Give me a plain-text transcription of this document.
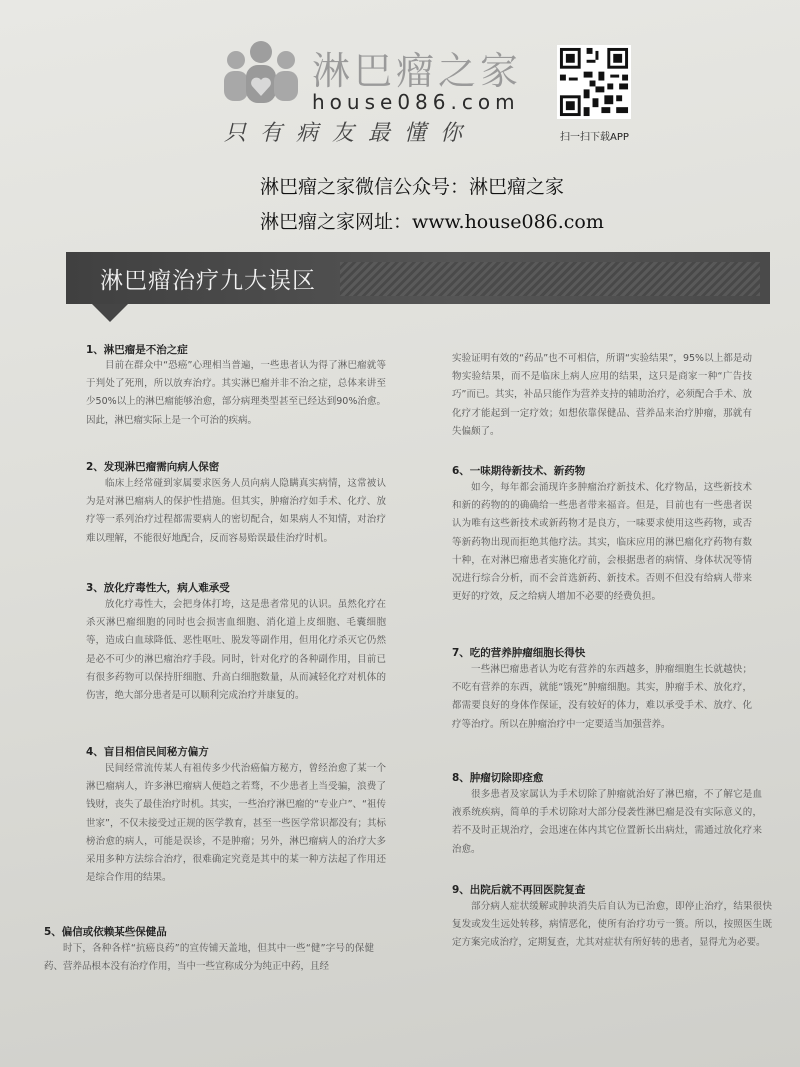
淋巴瘤之家
house086.com
只有病友最懂你	扫一扫下载APP
淋巴瘤之家微信公众号：淋巴瘤之家
淋巴瘤之家网址：www.house086.com
淋巴瘤治疗九大误区
1、淋巴瘤是不治之症
目前在群众中“恐癌”心理相当普遍，一些患者认为得了淋巴瘤就等于判处了死刑，所以放弃治疗。其实淋巴瘤并非不治之症，总体来讲至少50%以上的淋巴瘤能够治愈，部分病理类型甚至已经达到90%治愈。因此，淋巴瘤实际上是一个可治的疾病。
2、发现淋巴瘤需向病人保密
临床上经常碰到家属要求医务人员向病人隐瞒真实病情，这常被认为是对淋巴瘤病人的保护性措施。但其实，肿瘤治疗如手术、化疗、放疗等一系列治疗过程都需要病人的密切配合，如果病人不知情，对治疗难以理解，不能很好地配合，反而容易贻误最佳治疗时机。
3、放化疗毒性大，病人难承受
放化疗毒性大，会把身体打垮，这是患者常见的认识。虽然化疗在杀灭淋巴瘤细胞的同时也会损害血细胞、消化道上皮细胞、毛囊细胞等，造成白血球降低、恶性呕吐、脱发等副作用，但用化疗杀灭它仍然是必不可少的淋巴瘤治疗手段。同时，针对化疗的各种副作用，目前已有很多药物可以保持肝细胞、升高白细胞数量，从而减轻化疗对机体的伤害，绝大部分患者是可以顺利完成治疗并康复的。
4、盲目相信民间秘方偏方
民间经常流传某人有祖传多少代治癌偏方秘方，曾经治愈了某一个淋巴瘤病人，许多淋巴瘤病人便趋之若骛，不少患者上当受骗，浪费了钱财，丧失了最佳治疗时机。其实，一些治疗淋巴瘤的“专业户”、“祖传世家”，不仅未接受过正规的医学教育，甚至一些医学常识都没有；其标榜治愈的病人，可能是误诊，不是肿瘤；另外，淋巴瘤病人的治疗大多采用多种方法综合治疗，很难确定究竟是其中的某一种方法起了作用还是综合作用的结果。
5、偏信或依赖某些保健品
时下，各种各样“抗癌良药”的宣传铺天盖地，但其中一些“健”字号的保健药、营养品根本没有治疗作用，当中一些宣称成分为纯正中药，且经
实验证明有效的“药品”也不可相信，所谓“实验结果”，95%以上都是动物实验结果，而不是临床上病人应用的结果，这只是商家一种“广告技巧”而已。其实，补品只能作为营养支持的辅助治疗，必须配合手术、放化疗才能起到一定疗效；如想依靠保健品、营养品来治疗肿瘤，那就有失偏颇了。
6、一味期待新技术、新药物
如今，每年都会涌现许多肿瘤治疗新技术、化疗物品，这些新技术和新的药物的的确确给一些患者带来福音。但是，目前也有一些患者误认为唯有这些新技术或新药物才是良方，一味要求使用这些药物，或否等新药物出现而拒绝其他疗法。其实，临床应用的淋巴瘤化疗药物有数十种，在对淋巴瘤患者实施化疗前，会根据患者的病情、身体状况等情况进行综合分析，而不会首选新药、新技术。否则不但没有给病人带来更好的疗效，反之给病人增加不必要的经费负担。
7、吃的营养肿瘤细胞长得快
一些淋巴瘤患者认为吃有营养的东西越多，肿瘤细胞生长就越快；不吃有营养的东西，就能“饿死”肿瘤细胞。其实，肿瘤手术、放化疗，都需要良好的身体作保证，没有较好的体力，难以承受手术、放疗、化疗等治疗。所以在肿瘤治疗中一定要适当加强营养。
8、肿瘤切除即痊愈
很多患者及家属认为手术切除了肿瘤就治好了淋巴瘤，不了解它是血液系统疾病，简单的手术切除对大部分侵袭性淋巴瘤是没有实际意义的，若不及时正规治疗，会迅速在体内其它位置新长出病灶，需通过放化疗来治愈。
9、出院后就不再回医院复查
部分病人症状缓解或肿块消失后自认为已治愈，即停止治疗，结果很快复发或发生远处转移，病情恶化，使所有治疗功亏一篑。所以，按照医生既定方案完成治疗，定期复查，尤其对症状有所好转的患者，显得尤为必要。
